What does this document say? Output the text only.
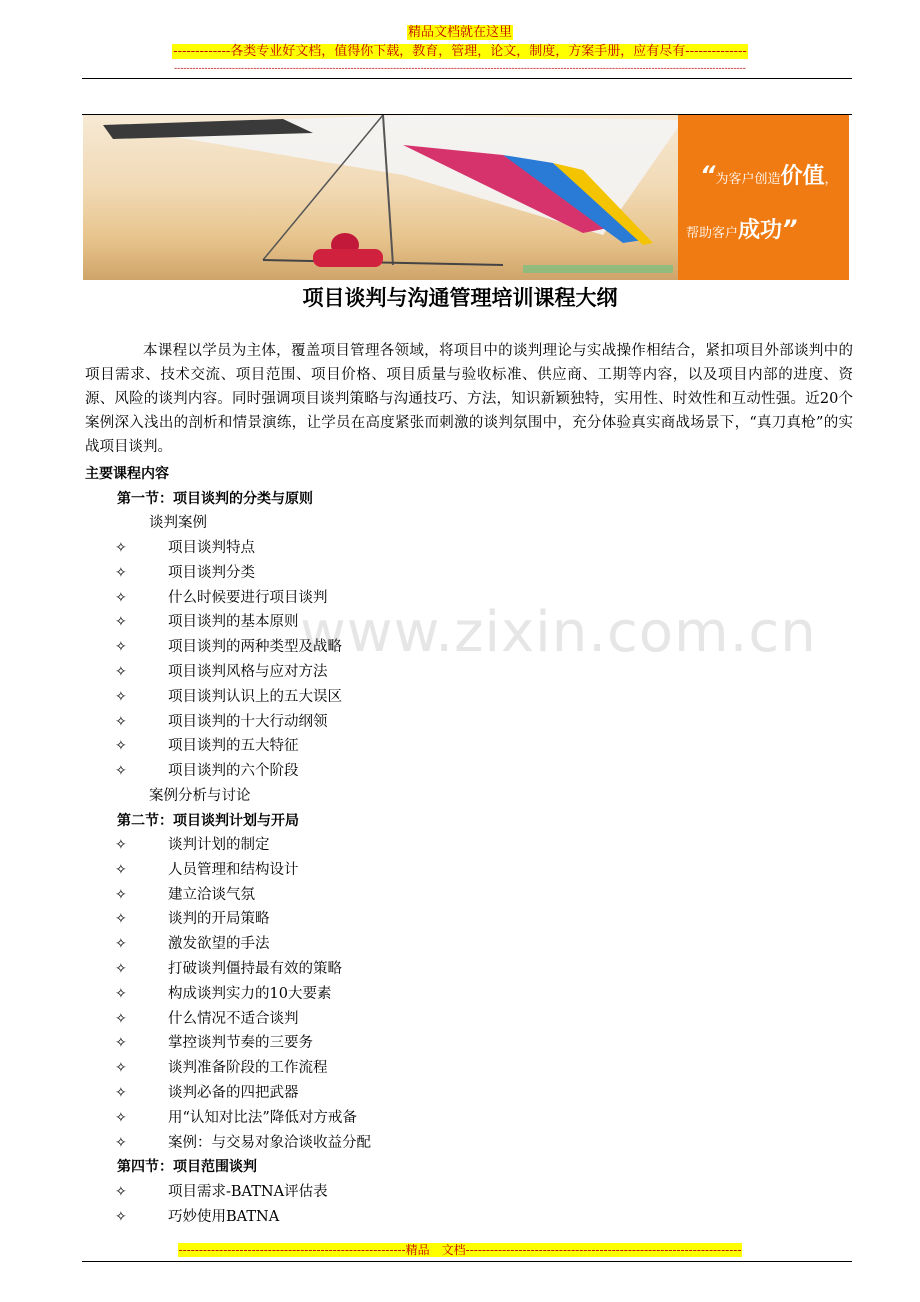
精品文档就在这里
-------------各类专业好文档，值得你下载，教育，管理，论文，制度，方案手册，应有尽有--------------
--------------------------------------------------------------------------------------------------------------------------------------------------------------------------------------------
“为客户创造价值，
帮助客户成功”
项目谈判与沟通管理培训课程大纲
本课程以学员为主体，覆盖项目管理各领域，将项目中的谈判理论与实战操作相结合，紧扣项目外部谈判中的项目需求、技术交流、项目范围、项目价格、项目质量与验收标准、供应商、工期等内容，以及项目内部的进度、资源、风险的谈判内容。同时强调项目谈判策略与沟通技巧、方法，知识新颖独特，实用性、时效性和互动性强。近20个案例深入浅出的剖析和情景演练，让学员在高度紧张而刺激的谈判氛围中，充分体验真实商战场景下，“真刀真枪”的实战项目谈判。
www.zixin.com.cn
主要课程内容
第一节：项目谈判的分类与原则
谈判案例
✧	项目谈判特点
✧	项目谈判分类
✧	什么时候要进行项目谈判
✧	项目谈判的基本原则
✧	项目谈判的两种类型及战略
✧	项目谈判风格与应对方法
✧	项目谈判认识上的五大误区
✧	项目谈判的十大行动纲领
✧	项目谈判的五大特征
✧	项目谈判的六个阶段
案例分析与讨论
第二节：项目谈判计划与开局
✧	谈判计划的制定
✧	人员管理和结构设计
✧	建立洽谈气氛
✧	谈判的开局策略
✧	激发欲望的手法
✧	打破谈判僵持最有效的策略
✧	构成谈判实力的10大要素
✧	什么情况不适合谈判
✧	掌控谈判节奏的三要务
✧	谈判准备阶段的工作流程
✧	谈判必备的四把武器
✧	用“认知对比法”降低对方戒备
✧	案例：与交易对象洽谈收益分配
第四节：项目范围谈判
✧	项目需求-BATNA评估表
✧	巧妙使用BATNA
--------------------------------------------------------精品　文档--------------------------------------------------------------------
